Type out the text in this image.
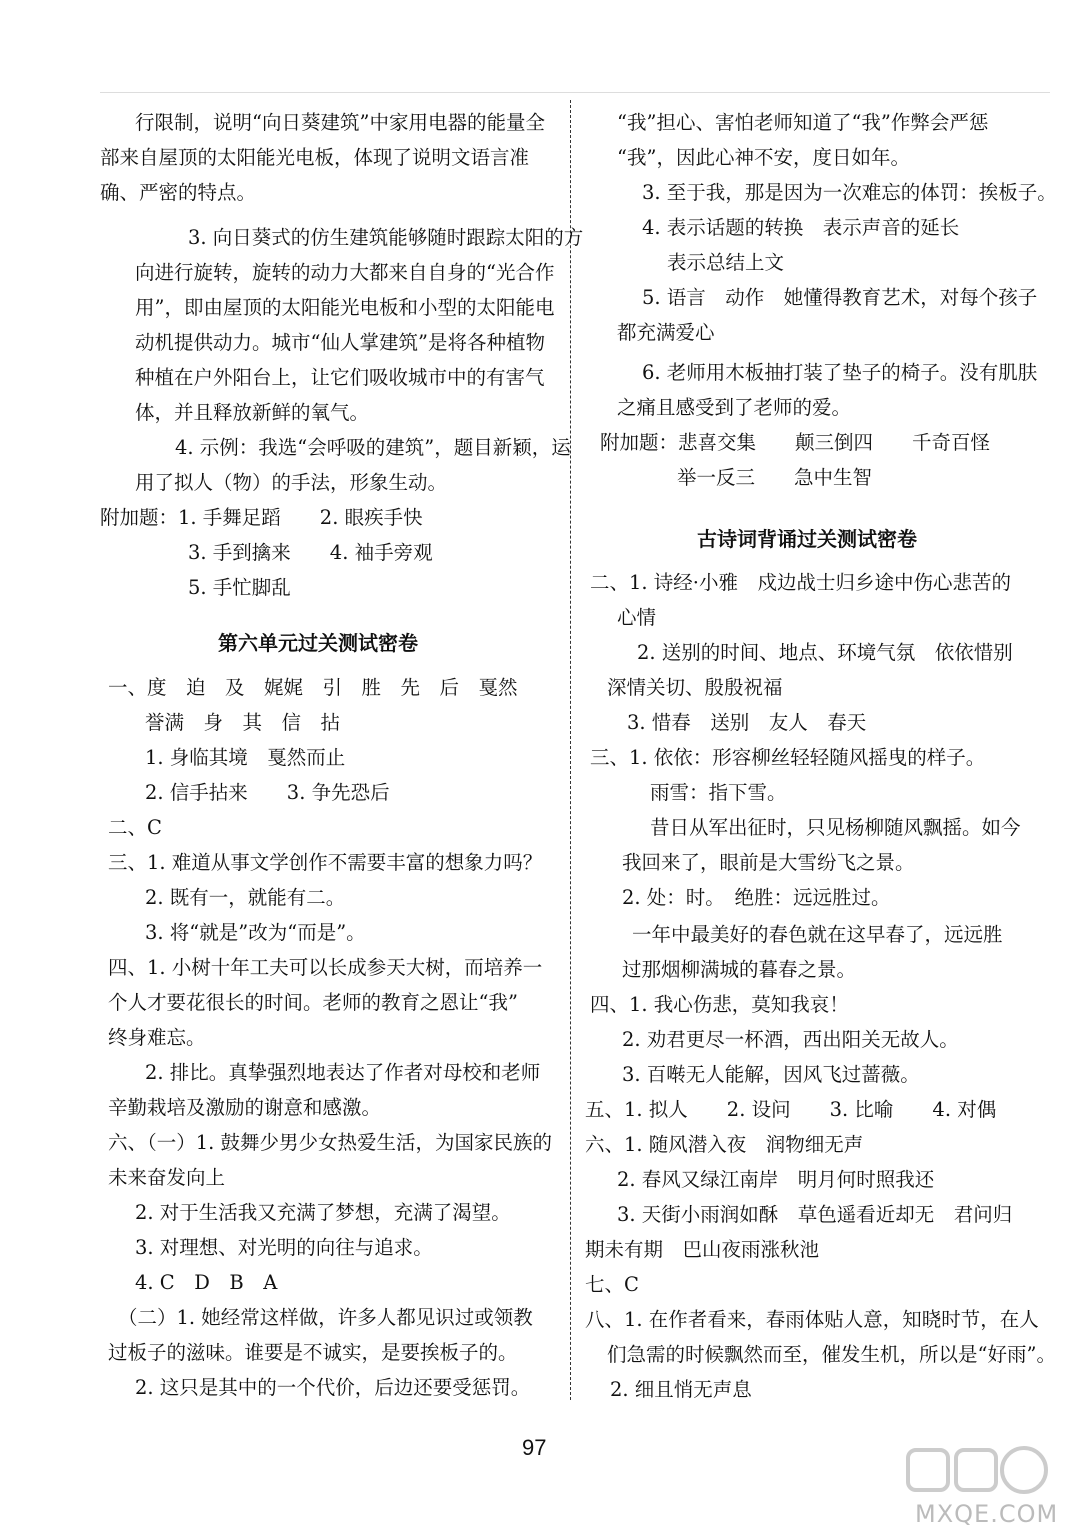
行限制，说明“向日葵建筑”中家用电器的能量全
部来自屋顶的太阳能光电板，体现了说明文语言准
确、严密的特点。
3. 向日葵式的仿生建筑能够随时跟踪太阳的方
向进行旋转，旋转的动力大都来自自身的“光合作
用”，即由屋顶的太阳能光电板和小型的太阳能电
动机提供动力。城市“仙人掌建筑”是将各种植物
种植在户外阳台上，让它们吸收城市中的有害气
体，并且释放新鲜的氧气。
4. 示例：我选“会呼吸的建筑”，题目新颖，运
用了拟人（物）的手法，形象生动。
附加题：1. 手舞足蹈　　2. 眼疾手快
3. 手到擒来　　4. 袖手旁观
5. 手忙脚乱
第六单元过关测试密卷
一、度　迫　及　娓娓　引　胜　先　后　戛然
誉满　身　其　信　拈
1. 身临其境　戛然而止
2. 信手拈来　　3. 争先恐后
二、C
三、1. 难道从事文学创作不需要丰富的想象力吗？
2. 既有一，就能有二。
3. 将“就是”改为“而是”。
四、1. 小树十年工夫可以长成参天大树，而培养一
个人才要花很长的时间。老师的教育之恩让“我”
终身难忘。
2. 排比。真挚强烈地表达了作者对母校和老师
辛勤栽培及激励的谢意和感激。
六、（一）1. 鼓舞少男少女热爱生活，为国家民族的
未来奋发向上
2. 对于生活我又充满了梦想，充满了渴望。
3. 对理想、对光明的向往与追求。
4. C　D　B　A
（二）1. 她经常这样做，许多人都见识过或领教
过板子的滋味。谁要是不诚实，是要挨板子的。
2. 这只是其中的一个代价，后边还要受惩罚。
“我”担心、害怕老师知道了“我”作弊会严惩
“我”，因此心神不安，度日如年。
3. 至于我，那是因为一次难忘的体罚：挨板子。
4. 表示话题的转换　表示声音的延长
表示总结上文
5. 语言　动作　她懂得教育艺术，对每个孩子
都充满爱心
6. 老师用木板抽打装了垫子的椅子。没有肌肤
之痛且感受到了老师的爱。
附加题：悲喜交集　　颠三倒四　　千奇百怪
举一反三　　急中生智
古诗词背诵过关测试密卷
二、1. 诗经·小雅　戍边战士归乡途中伤心悲苦的
心情
2. 送别的时间、地点、环境气氛　依依惜别
深情关切、殷殷祝福
3. 惜春　送别　友人　春天
三、1. 依依：形容柳丝轻轻随风摇曳的样子。
雨雪：指下雪。
昔日从军出征时，只见杨柳随风飘摇。如今
我回来了，眼前是大雪纷飞之景。
2. 处：时。　绝胜：远远胜过。
一年中最美好的春色就在这早春了，远远胜
过那烟柳满城的暮春之景。
四、1. 我心伤悲，莫知我哀！
2. 劝君更尽一杯酒，西出阳关无故人。
3. 百啭无人能解，因风飞过蔷薇。
五、1. 拟人　　2. 设问　　3. 比喻　　4. 对偶
六、1. 随风潜入夜　润物细无声
2. 春风又绿江南岸　明月何时照我还
3. 天街小雨润如酥　草色遥看近却无　君问归
期未有期　巴山夜雨涨秋池
七、C
八、1. 在作者看来，春雨体贴人意，知晓时节，在人
们急需的时候飘然而至，催发生机，所以是“好雨”。
2. 细且悄无声息
97
MXQE.COM
